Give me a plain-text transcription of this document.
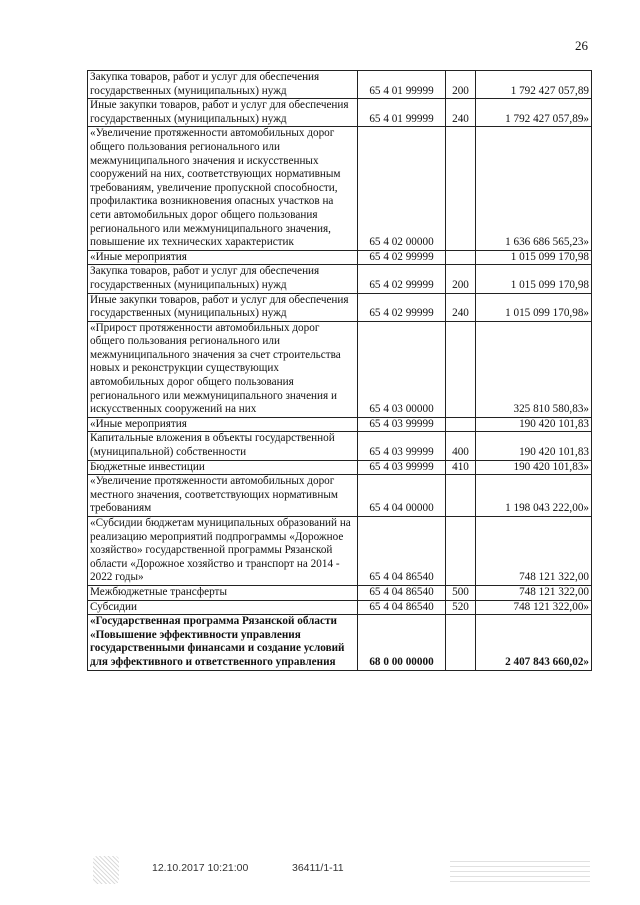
26
Закупка товаров, работ и услуг для обеспечения государственных (муниципальных) нужд	65 4 01 99999	200	1 792 427 057,89
Иные закупки товаров, работ и услуг для обеспечения государственных (муниципальных) нужд	65 4 01 99999	240	1 792 427 057,89»
«Увеличение протяженности автомобильных дорог общего пользования регионального или межмуниципального значения и искусственных сооружений на них, соответствующих нормативным требованиям, увеличение пропускной способности, профилактика возникновения опасных участков на сети автомобильных дорог общего пользования регионального или межмуниципального значения, повышение их технических характеристик	65 4 02 00000		1 636 686 565,23»
«Иные мероприятия	65 4 02 99999		1 015 099 170,98
Закупка товаров, работ и услуг для обеспечения государственных (муниципальных) нужд	65 4 02 99999	200	1 015 099 170,98
Иные закупки товаров, работ и услуг для обеспечения государственных (муниципальных) нужд	65 4 02 99999	240	1 015 099 170,98»
«Прирост протяженности автомобильных дорог общего пользования регионального или межмуниципального значения за счет строительства новых и реконструкции существующих автомобильных дорог общего пользования регионального или межмуниципального значения и искусственных сооружений на них	65 4 03 00000		325 810 580,83»
«Иные мероприятия	65 4 03 99999		190 420 101,83
Капитальные вложения в объекты государственной (муниципальной) собственности	65 4 03 99999	400	190 420 101,83
Бюджетные инвестиции	65 4 03 99999	410	190 420 101,83»
«Увеличение протяженности автомобильных дорог местного значения, соответствующих нормативным требованиям	65 4 04 00000		1 198 043 222,00»
«Субсидии бюджетам муниципальных образований на реализацию мероприятий подпрограммы «Дорожное хозяйство» государственной программы Рязанской области «Дорожное хозяйство и транспорт на 2014 - 2022 годы»	65 4 04 86540		748 121 322,00
Межбюджетные трансферты	65 4 04 86540	500	748 121 322,00
Субсидии	65 4 04 86540	520	748 121 322,00»
«Государственная программа Рязанской области «Повышение эффективности управления государственными финансами и создание условий для эффективного и ответственного управления	68 0 00 00000		2 407 843 660,02»
12.10.2017 10:21:00	36411/1-11
